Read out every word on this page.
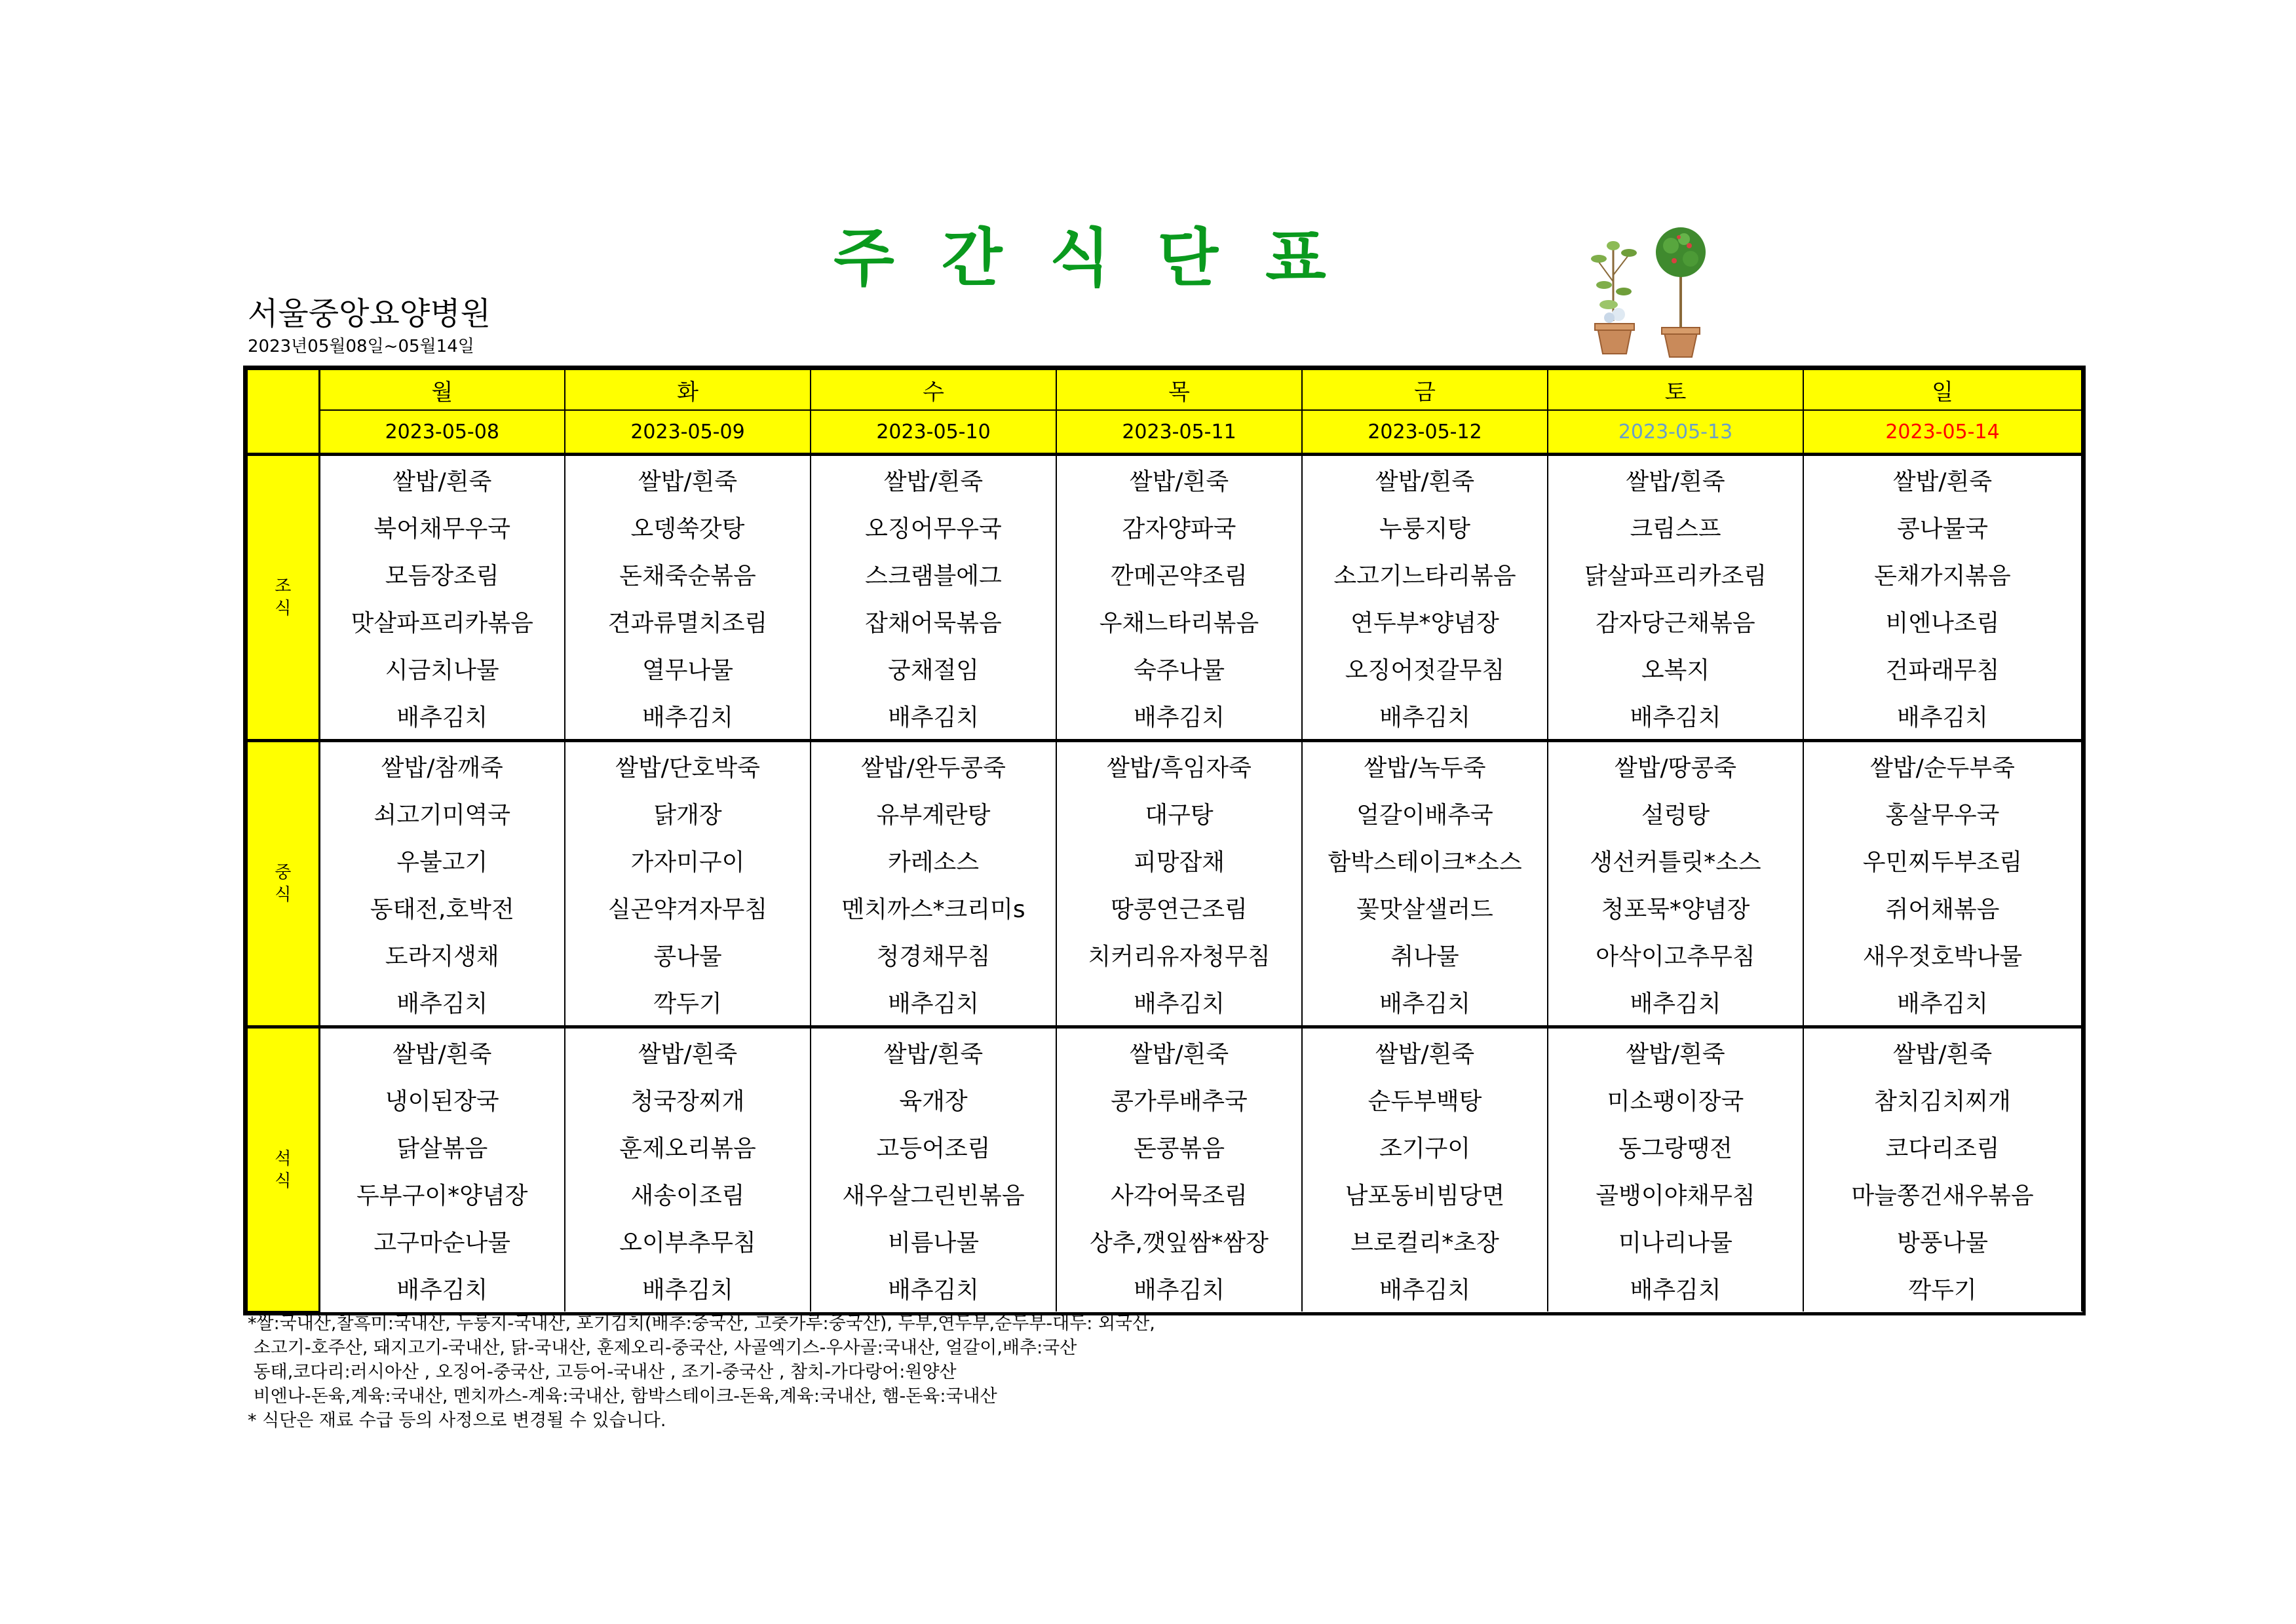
주 간 식 단 표
서울중앙요양병원
2023년05월08일~05월14일
	월	화	수	목	금	토	일
	2023-05-08	2023-05-09	2023-05-10	2023-05-11	2023-05-12	2023-05-13	2023-05-14
조
식	쌀밥/흰죽	쌀밥/흰죽	쌀밥/흰죽	쌀밥/흰죽	쌀밥/흰죽	쌀밥/흰죽	쌀밥/흰죽
	북어채무우국	오뎅쑥갓탕	오징어무우국	감자양파국	누룽지탕	크림스프	콩나물국
	모듬장조림	돈채죽순볶음	스크램블에그	깐메곤약조림	소고기느타리볶음	닭살파프리카조림	돈채가지볶음
	맛살파프리카볶음	견과류멸치조림	잡채어묵볶음	우채느타리볶음	연두부*양념장	감자당근채볶음	비엔나조림
	시금치나물	열무나물	궁채절임	숙주나물	오징어젓갈무침	오복지	건파래무침
	배추김치	배추김치	배추김치	배추김치	배추김치	배추김치	배추김치
중
식	쌀밥/참깨죽	쌀밥/단호박죽	쌀밥/완두콩죽	쌀밥/흑임자죽	쌀밥/녹두죽	쌀밥/땅콩죽	쌀밥/순두부죽
	쇠고기미역국	닭개장	유부계란탕	대구탕	얼갈이배추국	설렁탕	홍살무우국
	우불고기	가자미구이	카레소스	피망잡채	함박스테이크*소스	생선커틀릿*소스	우민찌두부조림
	동태전,호박전	실곤약겨자무침	멘치까스*크리미s	땅콩연근조림	꽃맛살샐러드	청포묵*양념장	쥐어채볶음
	도라지생채	콩나물	청경채무침	치커리유자청무침	취나물	아삭이고추무침	새우젓호박나물
	배추김치	깍두기	배추김치	배추김치	배추김치	배추김치	배추김치
석
식	쌀밥/흰죽	쌀밥/흰죽	쌀밥/흰죽	쌀밥/흰죽	쌀밥/흰죽	쌀밥/흰죽	쌀밥/흰죽
	냉이된장국	청국장찌개	육개장	콩가루배추국	순두부백탕	미소팽이장국	참치김치찌개
	닭살볶음	훈제오리볶음	고등어조림	돈콩볶음	조기구이	동그랑땡전	코다리조림
	두부구이*양념장	새송이조림	새우살그린빈볶음	사각어묵조림	남포동비빔당면	골뱅이야채무침	마늘쫑건새우볶음
	고구마순나물	오이부추무침	비름나물	상추,깻잎쌈*쌈장	브로컬리*초장	미나리나물	방풍나물
	배추김치	배추김치	배추김치	배추김치	배추김치	배추김치	깍두기
*쌀:국내산,찰흑미:국내산, 누룽지-국내산, 포기김치(배추:중국산, 고춧가루:중국산), 두부,연두부,순두부-대두: 외국산,
소고기-호주산, 돼지고기-국내산, 닭-국내산, 훈제오리-중국산, 사골엑기스-우사골:국내산, 얼갈이,배추:국산
동태,코다리:러시아산 , 오징어-중국산, 고등어-국내산 , 조기-중국산 , 참치-가다랑어:원양산
비엔나-돈육,계육:국내산, 멘치까스-계육:국내산, 함박스테이크-돈육,계육:국내산, 햄-돈육:국내산
* 식단은 재료 수급 등의 사정으로 변경될 수 있습니다.
